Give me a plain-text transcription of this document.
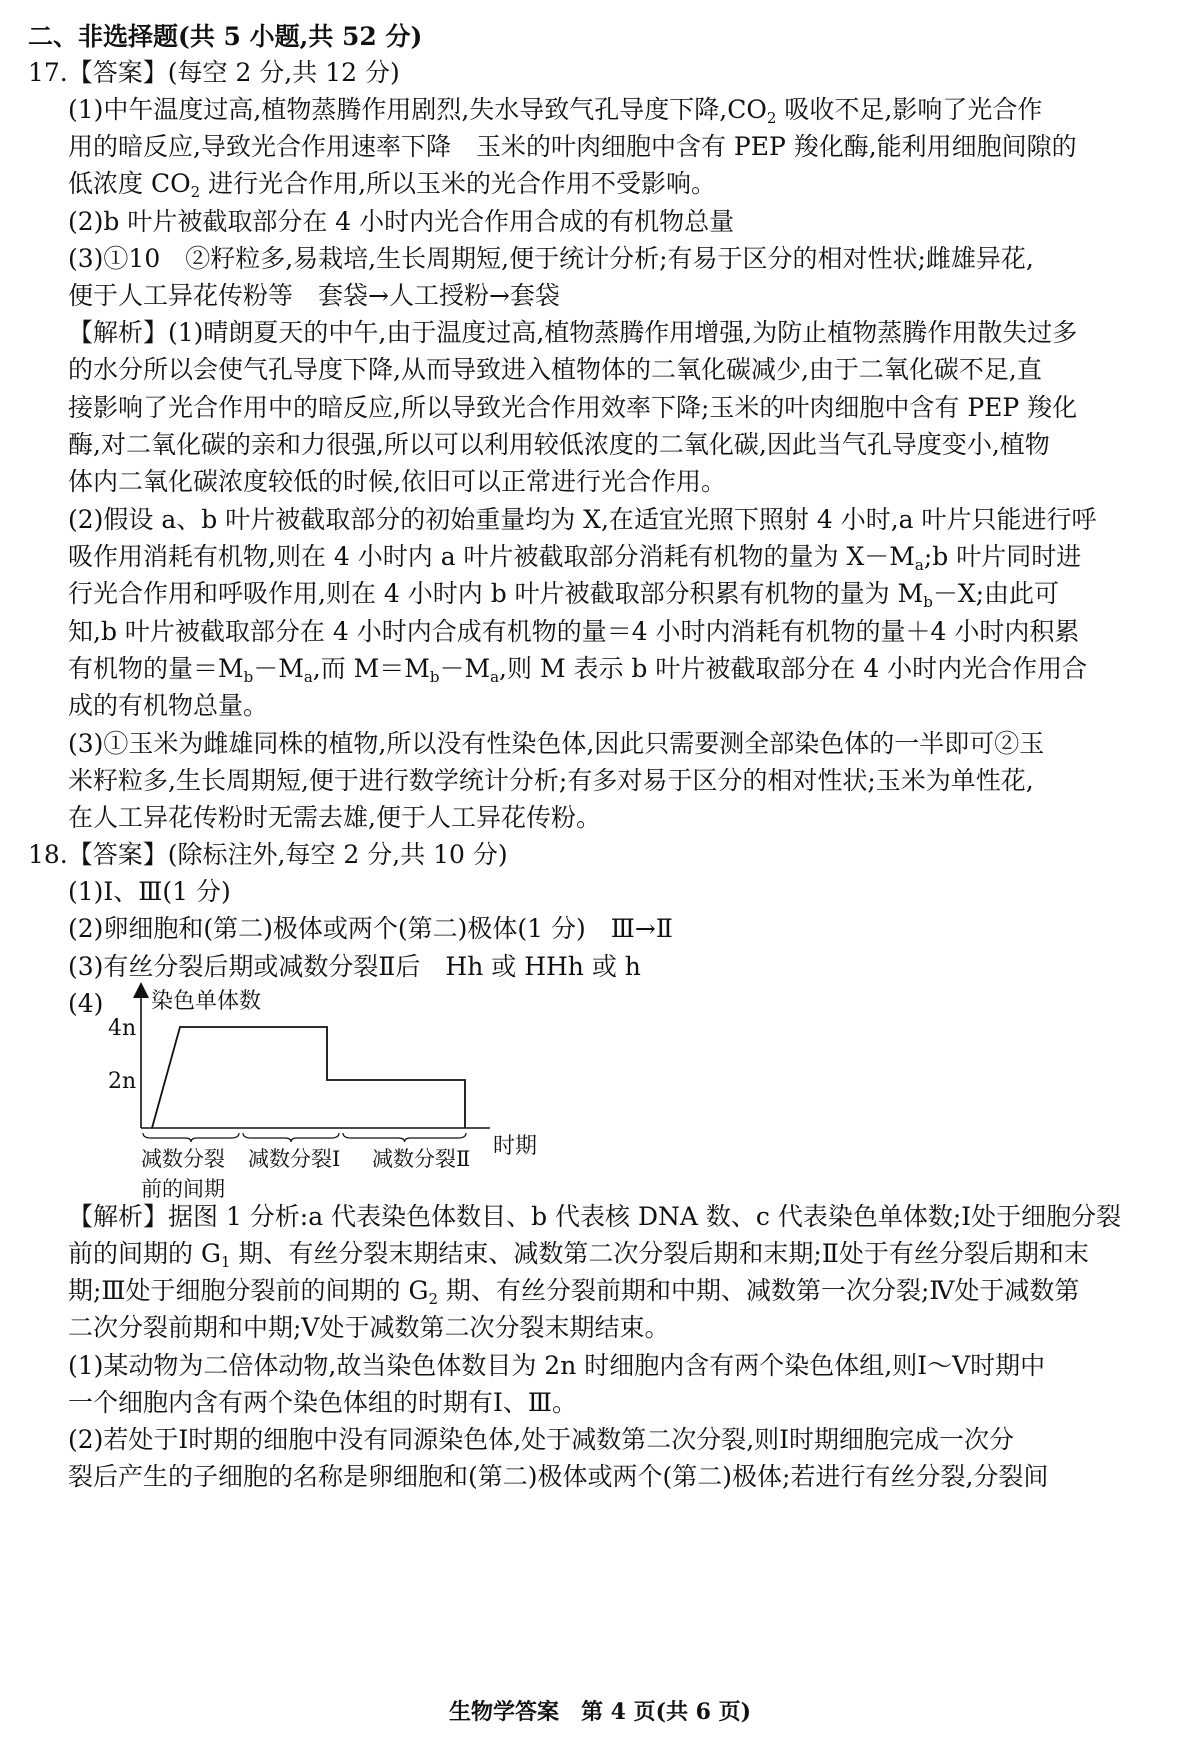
二、非选择题(共 5 小题,共 52 分)
17.【答案】(每空 2 分,共 12 分)
(1)中午温度过高,植物蒸腾作用剧烈,失水导致气孔导度下降$,CO_2$ 吸收不足,影响了光合作
用的暗反应,导致光合作用速率下降　玉米的叶肉细胞中含有 PEP 羧化酶,能利用细胞间隙的
低浓度 $CO_2$ 进行光合作用,所以玉米的光合作用不受影响。
(2)b 叶片被截取部分在 4 小时内光合作用合成的有机物总量
(3)①10　②籽粒多,易栽培,生长周期短,便于统计分析;有易于区分的相对性状;雌雄异花,
便于人工异花传粉等　套袋→人工授粉→套袋
【解析】(1)晴朗夏天的中午,由于温度过高,植物蒸腾作用增强,为防止植物蒸腾作用散失过多
的水分所以会使气孔导度下降,从而导致进入植物体的二氧化碳减少,由于二氧化碳不足,直
接影响了光合作用中的暗反应,所以导致光合作用效率下降;玉米的叶肉细胞中含有 PEP 羧化
酶,对二氧化碳的亲和力很强,所以可以利用较低浓度的二氧化碳,因此当气孔导度变小,植物
体内二氧化碳浓度较低的时候,依旧可以正常进行光合作用。
(2)假设 a、b 叶片被截取部分的初始重量均为 X,在适宜光照下照射 4 小时,a 叶片只能进行呼
吸作用消耗有机物,则在 4 小时内 a 叶片被截取部分消耗有机物的量为 $X-M_a;b$ 叶片同时进
行光合作用和呼吸作用,则在 4 小时内 b 叶片被截取部分积累有机物的量为 $M_b-X$;由此可
知,b 叶片被截取部分在 4 小时内合成有机物的量＝4 小时内消耗有机物的量＋4 小时内积累
有机物的量$=M_b-M_a$,而 $M=M_b-M_a$,则 M 表示 b 叶片被截取部分在 4 小时内光合作用合
成的有机物总量。
(3)①玉米为雌雄同株的植物,所以没有性染色体,因此只需要测全部染色体的一半即可②玉
米籽粒多,生长周期短,便于进行数学统计分析;有多对易于区分的相对性状;玉米为单性花,
在人工异花传粉时无需去雄,便于人工异花传粉。
18.【答案】(除标注外,每空 2 分,共 10 分)
(1)Ⅰ、Ⅲ(1 分)
(2)卵细胞和(第二)极体或两个(第二)极体(1 分)　Ⅲ→Ⅱ
(3)有丝分裂后期或减数分裂Ⅱ后　Hh 或 HHh 或 h
(4) 染色单体数
4n
2n
时期
减数分裂
前的间期
减数分裂Ⅰ 减数分裂Ⅱ
【解析】据图 1 分析:a 代表染色体数目、b 代表核 DNA 数、c 代表染色单体数;Ⅰ处于细胞分裂
前的间期的 $G_1$ 期、有丝分裂末期结束、减数第二次分裂后期和末期;Ⅱ处于有丝分裂后期和末
期;Ⅲ处于细胞分裂前的间期的 $G_2$ 期、有丝分裂前期和中期、减数第一次分裂;Ⅳ处于减数第
二次分裂前期和中期;Ⅴ处于减数第二次分裂末期结束。
(1)某动物为二倍体动物,故当染色体数目为 2n 时细胞内含有两个染色体组,则Ⅰ～Ⅴ时期中
一个细胞内含有两个染色体组的时期有Ⅰ、Ⅲ。
(2)若处于Ⅰ时期的细胞中没有同源染色体,处于减数第二次分裂,则Ⅰ时期细胞完成一次分
裂后产生的子细胞的名称是卵细胞和(第二)极体或两个(第二)极体;若进行有丝分裂,分裂间
生物学答案　第 4 页(共 6 页)
